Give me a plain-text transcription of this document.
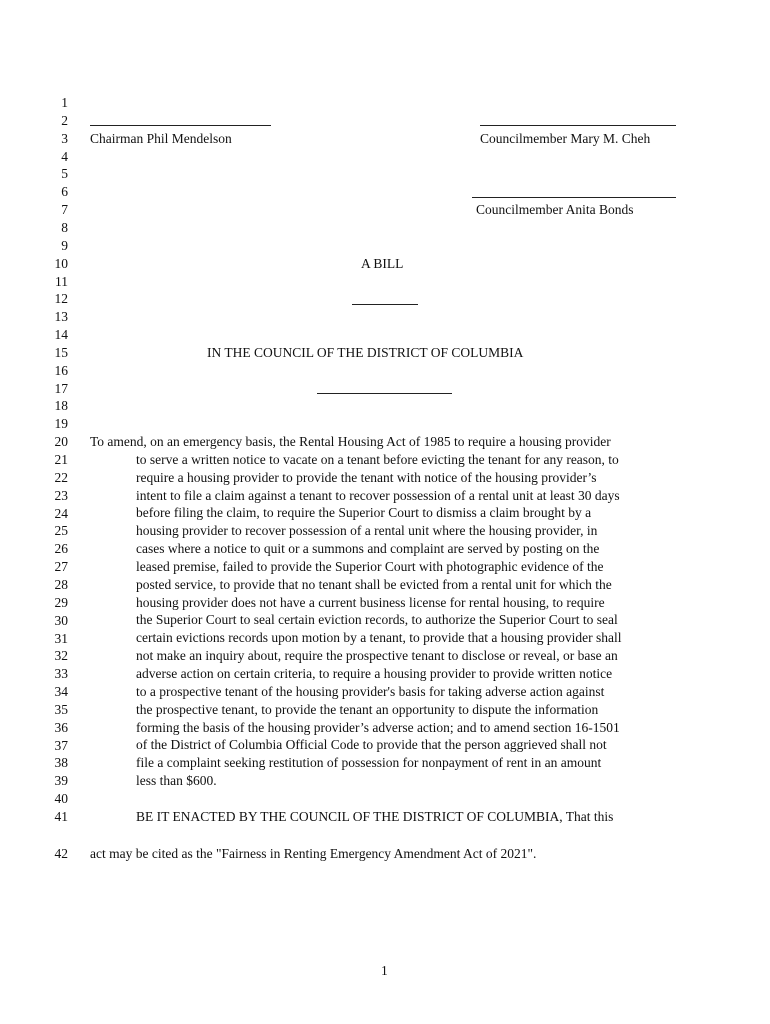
1
2
3
4
5
6
7
8
9
10
11
12
13
14
15
16
17
18
19
20
21
22
23
24
25
26
27
28
29
30
31
32
33
34
35
36
37
38
39
40
41
Chairman Phil Mendelson	Councilmember Mary M. Cheh
Councilmember Anita Bonds
A BILL
IN THE COUNCIL OF THE DISTRICT OF COLUMBIA
To amend, on an emergency basis, the Rental Housing Act of 1985 to require a housing provider
to serve a written notice to vacate on a tenant before evicting the tenant for any reason, to
require a housing provider to provide the tenant with notice of the housing provider’s
intent to file a claim against a tenant to recover possession of a rental unit at least 30 days
before filing the claim, to require the Superior Court to dismiss a claim brought by a
housing provider to recover possession of a rental unit where the housing provider, in
cases where a notice to quit or a summons and complaint are served by posting on the
leased premise, failed to provide the Superior Court with photographic evidence of the
posted service, to provide that no tenant shall be evicted from a rental unit for which the
housing provider does not have a current business license for rental housing, to require
the Superior Court to seal certain eviction records, to authorize the Superior Court to seal
certain evictions records upon motion by a tenant, to provide that a housing provider shall
not make an inquiry about, require the prospective tenant to disclose or reveal, or base an
adverse action on certain criteria, to require a housing provider to provide written notice
to a prospective tenant of the housing provider's basis for taking adverse action against
the prospective tenant, to provide the tenant an opportunity to dispute the information
forming the basis of the housing provider’s adverse action; and to amend section 16-1501
of the District of Columbia Official Code to provide that the person aggrieved shall not
file a complaint seeking restitution of possession for nonpayment of rent in an amount
less than $600.
BE IT ENACTED BY THE COUNCIL OF THE DISTRICT OF COLUMBIA, That this
42 act may be cited as the "Fairness in Renting Emergency Amendment Act of 2021".
1
